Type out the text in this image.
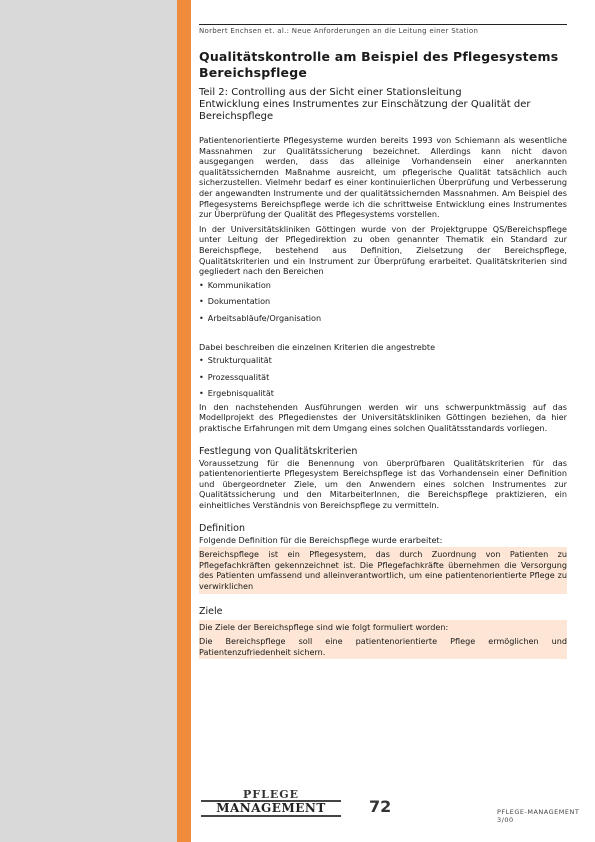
Norbert Enchsen et. al.: Neue Anforderungen an die Leitung einer Station
Qualitätskontrolle am Beispiel des Pflegesystems Bereichspflege
Teil 2: Controlling aus der Sicht einer Stationsleitung
Entwicklung eines Instrumentes zur Einschätzung der Qualität der Bereichspflege

Patientenorientierte Pflegesysteme wurden bereits 1993 von Schiemann als wesentliche Massnahmen zur Qualitätssicherung bezeichnet. Allerdings kann nicht davon ausgegangen werden, dass das alleinige Vorhandensein einer anerkannten qualitätssichernden Maßnahme ausreicht, um pflegerische Qualität tatsächlich auch sicherzustellen. Vielmehr bedarf es einer kontinuierlichen Überprüfung und Verbesserung der angewandten Instrumente und der qualitätssichernden Massnahmen. Am Beispiel des Pflegesystems Bereichspflege werde ich die schrittweise Entwicklung eines Instrumentes zur Überprüfung der Qualität des Pflegesystems vorstellen.

In der Universitätskliniken Göttingen wurde von der Projektgruppe QS/Bereichspflege unter Leitung der Pflegedirektion zu oben genannter Thematik ein Standard zur Bereichspflege, bestehend aus Definition, Zielsetzung der Bereichspflege, Qualitätskriterien und ein Instrument zur Überprüfung erarbeitet. Qualitätskriterien sind gegliedert nach den Bereichen

• Kommunikation
• Dokumentation
• Arbeitsabläufe/Organisation

Dabei beschreiben die einzelnen Kriterien die angestrebte

• Strukturqualität
• Prozessqualität
• Ergebnisqualität

In den nachstehenden Ausführungen werden wir uns schwerpunktmässig auf das Modellprojekt des Pflegedienstes der Universitätskliniken Göttingen beziehen, da hier praktische Erfahrungen mit dem Umgang eines solchen Qualitätsstandards vorliegen.

Festlegung von Qualitätskriterien

Voraussetzung für die Benennung von überprüfbaren Qualitätskriterien für das patientenorientierte Pflegesystem Bereichspflege ist das Vorhandensein einer Definition und übergeordneter Ziele, um den Anwendern eines solchen Instrumentes zur Qualitätssicherung und den MitarbeiterInnen, die Bereichspflege praktizieren, ein einheitliches Verständnis von Bereichspflege zu vermitteln.

Definition

Folgende Definition für die Bereichspflege wurde erarbeitet:

Bereichspflege ist ein Pflegesystem, das durch Zuordnung von Patienten zu Pflegefachkräften gekennzeichnet ist. Die Pflegefachkräfte übernehmen die Versorgung des Patienten umfassend und alleinverantwortlich, um eine patientenorientierte Pflege zu verwirklichen

Ziele

Die Ziele der Bereichspflege sind wie folgt formuliert worden:

Die Bereichspflege soll eine patientenorientierte Pflege ermöglichen und Patientenzufriedenheit sichern.

PFLEGE
MANAGEMENT	72	PFLEGE-MANAGEMENT 3/00
